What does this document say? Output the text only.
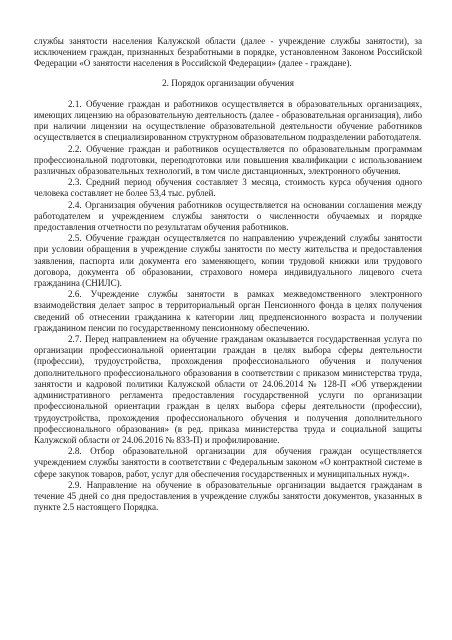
службы занятости населения Калужской области (далее - учреждение службы занятости), за исключением граждан, признанных безработными в порядке, установленном Законом Российской Федерации «О занятости населения в Российской Федерации» (далее - граждане).

2. Порядок организации обучения

2.1. Обучение граждан и работников осуществляется в образовательных организациях, имеющих лицензию на образовательную деятельность (далее - образовательная организация), либо при наличии лицензии на осуществление образовательной деятельности обучение работников осуществляется в специализированном структурном образовательном подразделении работодателя.

2.2. Обучение граждан и работников осуществляется по образовательным программам профессиональной подготовки, переподготовки или повышения квалификации с использованием различных образовательных технологий, в том числе дистанционных, электронного обучения.

2.3. Средний период обучения составляет 3 месяца, стоимость курса обучения одного человека составляет не более 53,4 тыс. рублей.

2.4. Организация обучения работников осуществляется на основании соглашения между работодателем и учреждением службы занятости о численности обучаемых и порядке предоставления отчетности по результатам обучения работников.

2.5. Обучение граждан осуществляется по направлению учреждений службы занятости при условии обращения в учреждение службы занятости по месту жительства и предоставления заявления, паспорта или документа его заменяющего, копии трудовой книжки или трудового договора, документа об образовании, страхового номера индивидуального лицевого счета гражданина (СНИЛС).

2.6. Учреждение службы занятости в рамках межведомственного электронного взаимодействия делает запрос в территориальный орган Пенсионного фонда в целях получения сведений об отнесении гражданина к категории лиц предпенсионного возраста и получении гражданином пенсии по государственному пенсионному обеспечению.

2.7. Перед направлением на обучение гражданам оказывается государственная услуга по организации профессиональной ориентации граждан в целях выбора сферы деятельности (профессии), трудоустройства, прохождения профессионального обучения и получения дополнительного профессионального образования в соответствии с приказом министерства труда, занятости и кадровой политики Калужской области от 24.06.2014 № 128-П «Об утверждении административного регламента предоставления государственной услуги по организации профессиональной ориентации граждан в целях выбора сферы деятельности (профессии), трудоустройства, прохождения профессионального обучения и получения дополнительного профессионального образования» (в ред. приказа министерства труда и социальной защиты Калужской области от 24.06.2016 № 833-П) и профилирование.

2.8. Отбор образовательной организации для обучения граждан осуществляется учреждением службы занятости в соответствии с Федеральным законом «О контрактной системе в сфере закупок товаров, работ, услуг для обеспечения государственных и муниципальных нужд».

2.9. Направление на обучение в образовательные организации выдается гражданам в течение 45 дней со дня предоставления в учреждение службы занятости документов, указанных в пункте 2.5 настоящего Порядка.
